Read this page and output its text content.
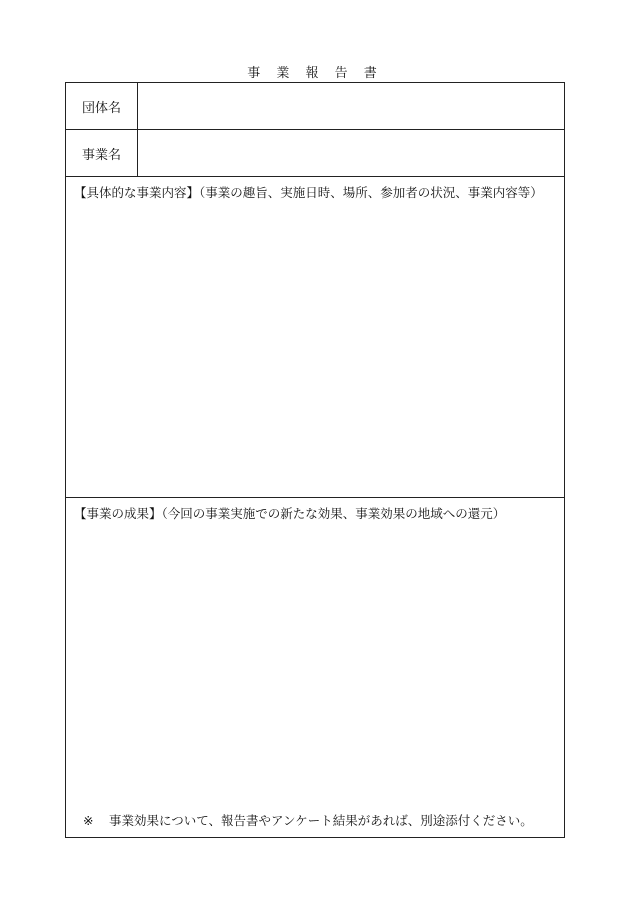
事 業 報 告 書
団体名
事業名
【具体的な事業内容】（事業の趣旨、実施日時、場所、参加者の状況、事業内容等）
【事業の成果】（今回の事業実施での新たな効果、事業効果の地域への還元）
※ 事業効果について、報告書やアンケート結果があれば、別途添付ください。
